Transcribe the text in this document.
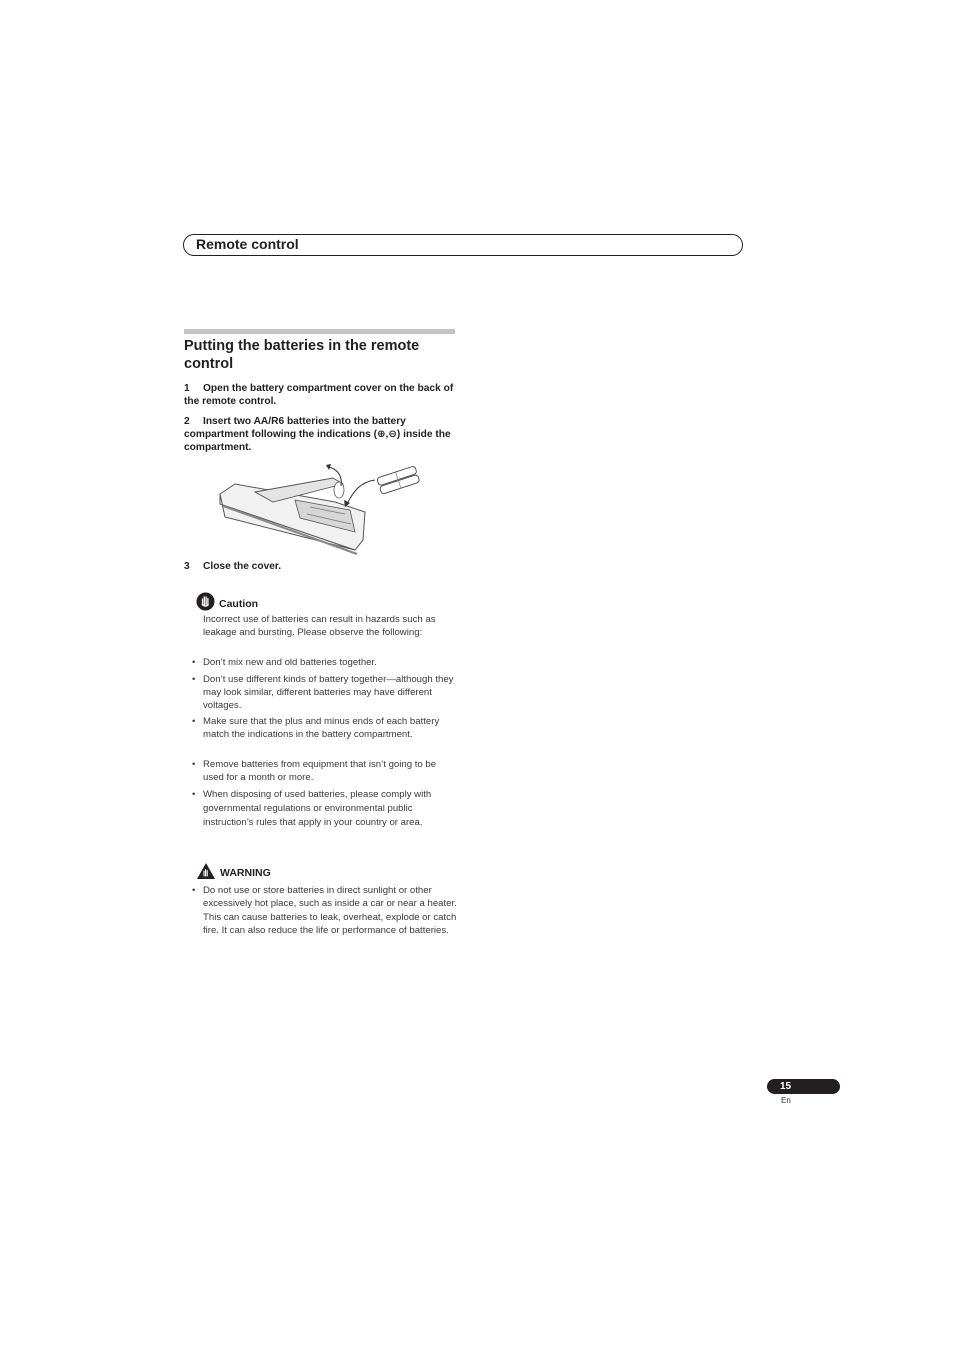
Remote control
Putting the batteries in the remote control
1 Open the battery compartment cover on the back of the remote control.
2 Insert two AA/R6 batteries into the battery compartment following the indications (⊕,⊖) inside the compartment.
3 Close the cover.
Caution
Incorrect use of batteries can result in hazards such as leakage and bursting. Please observe the following:
• Don’t mix new and old batteries together.
• Don’t use different kinds of battery together—although they may look similar, different batteries may have different voltages.
• Make sure that the plus and minus ends of each battery match the indications in the battery compartment.
• Remove batteries from equipment that isn’t going to be used for a month or more.
• When disposing of used batteries, please comply with governmental regulations or environmental public instruction’s rules that apply in your country or area.
WARNING
• Do not use or store batteries in direct sunlight or other excessively hot place, such as inside a car or near a heater. This can cause batteries to leak, overheat, explode or catch fire. It can also reduce the life or performance of batteries.
15
En
